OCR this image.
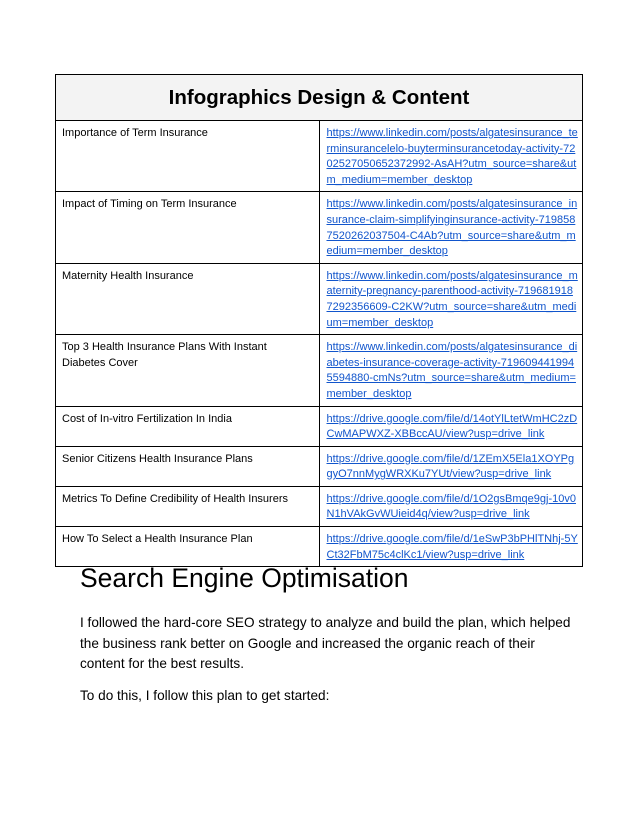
Infographics Design & Content	
Importance of Term Insurance	https://www.linkedin.com/posts/algatesinsurance_terminsurancelelo-buyterminsurancetoday-activity-7202527050652372992-AsAH?utm_source=share&utm_medium=member_desktop
Impact of Timing on Term Insurance	https://www.linkedin.com/posts/algatesinsurance_insurance-claim-simplifyinginsurance-activity-7198587520262037504-C4Ab?utm_source=share&utm_medium=member_desktop
Maternity Health Insurance	https://www.linkedin.com/posts/algatesinsurance_maternity-pregnancy-parenthood-activity-7196819187292356609-C2KW?utm_source=share&utm_medium=member_desktop
Top 3 Health Insurance Plans With Instant Diabetes Cover	https://www.linkedin.com/posts/algatesinsurance_diabetes-insurance-coverage-activity-7196094419945594880-cmNs?utm_source=share&utm_medium=member_desktop
Cost of In-vitro Fertilization In India	https://drive.google.com/file/d/14otYlLtetWmHC2zDCwMAPWXZ-XBBccAU/view?usp=drive_link
Senior Citizens Health Insurance Plans	https://drive.google.com/file/d/1ZEmX5Ela1XOYPggyO7nnMygWRXKu7YUt/view?usp=drive_link
Metrics To Define Credibility of Health Insurers	https://drive.google.com/file/d/1O2gsBmqe9gj-10v0N1hVAkGvWUieid4q/view?usp=drive_link
How To Select a Health Insurance Plan	https://drive.google.com/file/d/1eSwP3bPHlTNhj-5YCt32FbM75c4clKc1/view?usp=drive_link
Search Engine Optimisation

I followed the hard-core SEO strategy to analyze and build the plan, which helped the business rank better on Google and increased the organic reach of their content for the best results.

To do this, I follow this plan to get started:
